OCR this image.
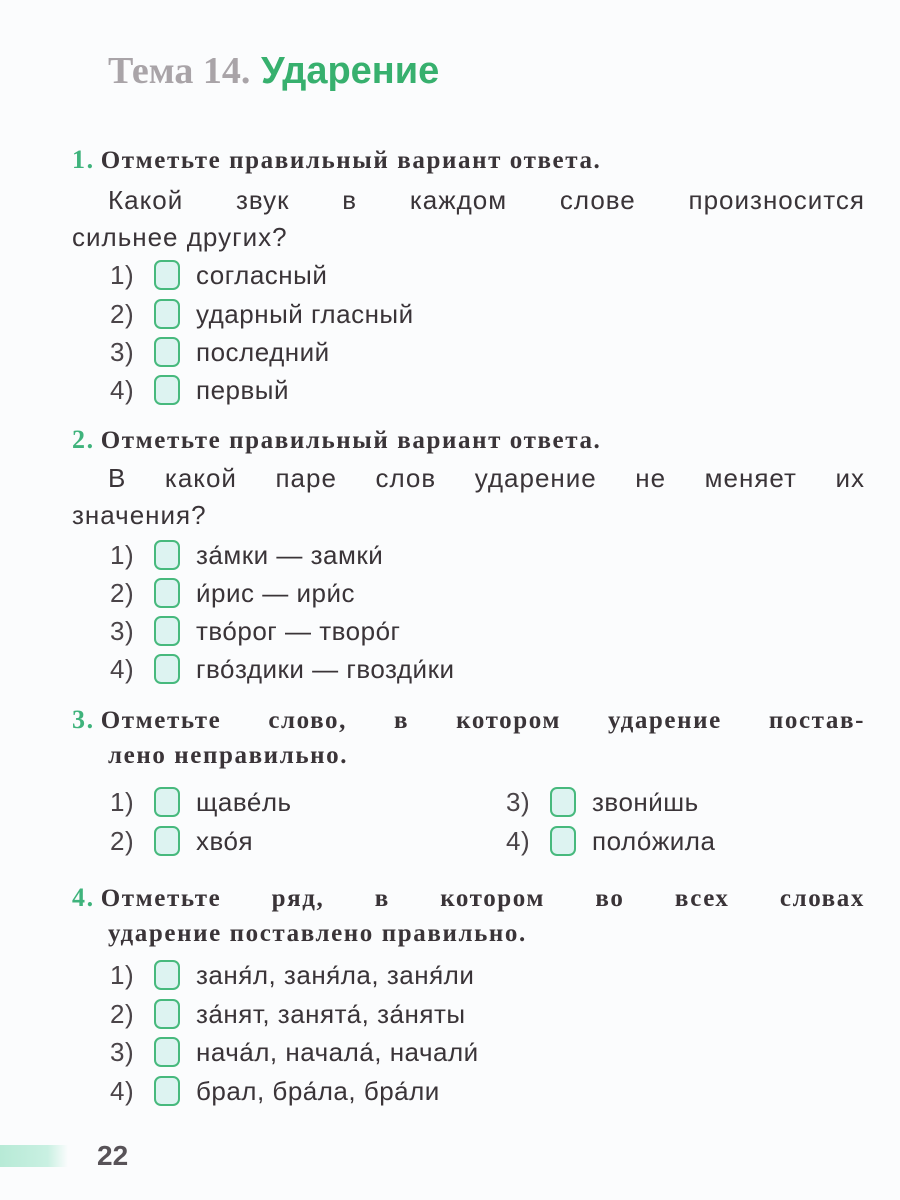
Тема 14. Ударение
1. Отметьте правильный вариант ответа.
Какой звук в каждом слове произносится
сильнее других?
1)	согласный
2)	ударный гласный
3)	последний
4)	первый
2. Отметьте правильный вариант ответа.
В какой паре слов ударение не меняет их
значения?
1)	за́мки — замки́
2)	и́рис — ири́с
3)	тво́рог — творо́г
4)	гво́здики — гвозди́ки
3. Отметьте слово, в котором ударение постав-
лено неправильно.
1)	щаве́ль
2)	хво́я
3)	звони́шь
4)	поло́жила
4. Отметьте ряд, в котором во всех словах
ударение поставлено правильно.
1)	заня́л, заня́ла, заня́ли
2)	за́нят, занята́, за́няты
3)	нача́л, начала́, начали́
4)	брал, бра́ла, бра́ли
22
